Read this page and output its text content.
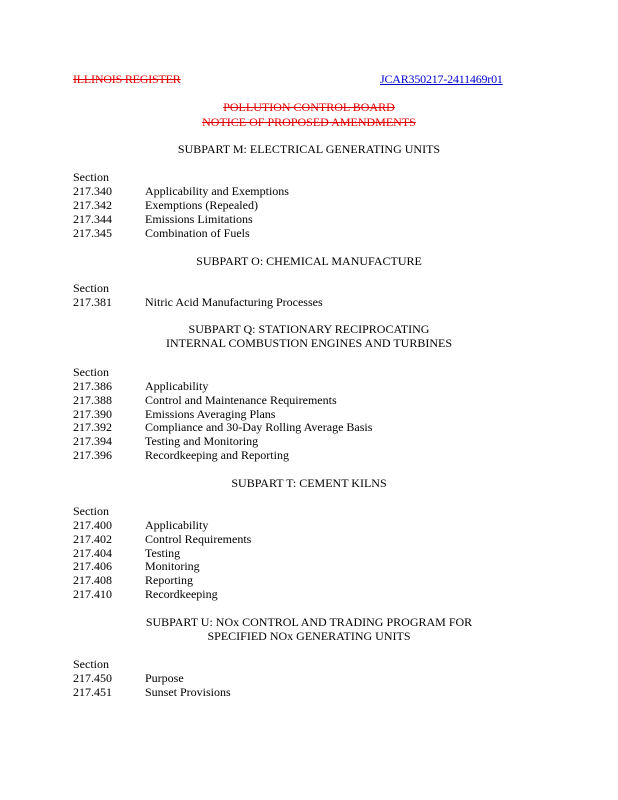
ILLINOIS REGISTER	JCAR350217-2411469r01
POLLUTION CONTROL BOARD
NOTICE OF PROPOSED AMENDMENTS
SUBPART M: ELECTRICAL GENERATING UNITS
Section
217.340	Applicability and Exemptions
217.342	Exemptions (Repealed)
217.344	Emissions Limitations
217.345	Combination of Fuels
SUBPART O: CHEMICAL MANUFACTURE
Section
217.381	Nitric Acid Manufacturing Processes
SUBPART Q: STATIONARY RECIPROCATING
INTERNAL COMBUSTION ENGINES AND TURBINES
Section
217.386	Applicability
217.388	Control and Maintenance Requirements
217.390	Emissions Averaging Plans
217.392	Compliance and 30-Day Rolling Average Basis
217.394	Testing and Monitoring
217.396	Recordkeeping and Reporting
SUBPART T: CEMENT KILNS
Section
217.400	Applicability
217.402	Control Requirements
217.404	Testing
217.406	Monitoring
217.408	Reporting
217.410	Recordkeeping
SUBPART U: NOx CONTROL AND TRADING PROGRAM FOR
SPECIFIED NOx GENERATING UNITS
Section
217.450	Purpose
217.451	Sunset Provisions
